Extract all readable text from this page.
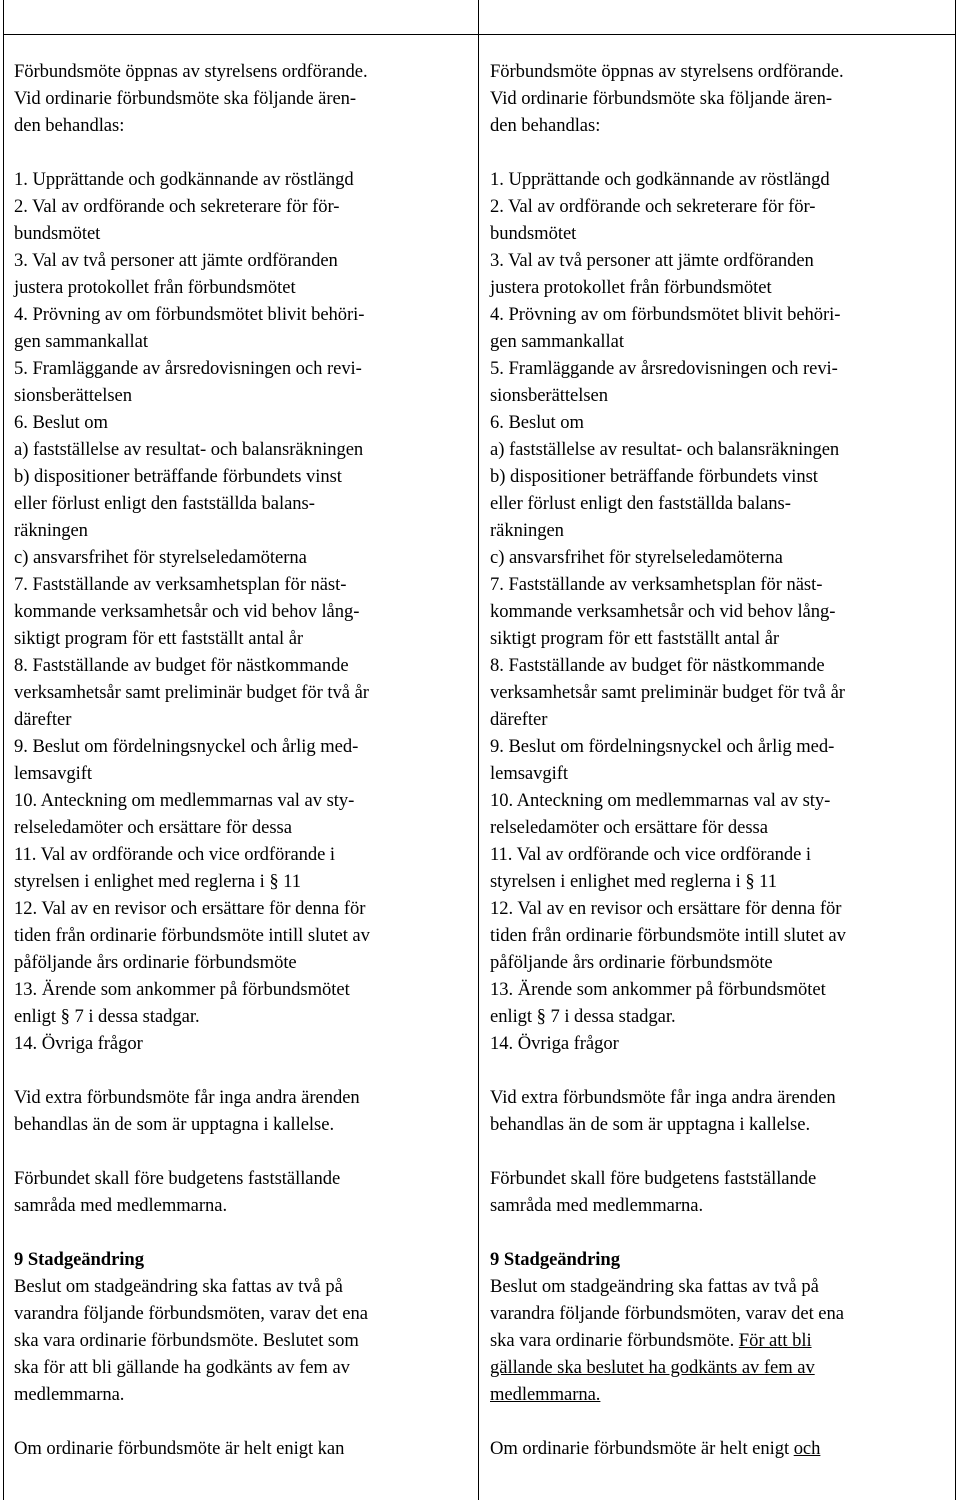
Förbundsmöte öppnas av styrelsens ordförande.
Vid ordinarie förbundsmöte ska följande ären-
den behandlas:
1. Upprättande och godkännande av röstlängd
2. Val av ordförande och sekreterare för för-
bundsmötet
3. Val av två personer att jämte ordföranden
justera protokollet från förbundsmötet
4. Prövning av om förbundsmötet blivit behöri-
gen sammankallat
5. Framläggande av årsredovisningen och revi-
sionsberättelsen
6. Beslut om
a) fastställelse av resultat- och balansräkningen
b) dispositioner beträffande förbundets vinst
eller förlust enligt den fastställda balans-
räkningen
c) ansvarsfrihet för styrelseledamöterna
7. Fastställande av verksamhetsplan för näst-
kommande verksamhetsår och vid behov lång-
siktigt program för ett fastställt antal år
8. Fastställande av budget för nästkommande
verksamhetsår samt preliminär budget för två år
därefter
9. Beslut om fördelningsnyckel och årlig med-
lemsavgift
10. Anteckning om medlemmarnas val av sty-
relseledamöter och ersättare för dessa
11. Val av ordförande och vice ordförande i
styrelsen i enlighet med reglerna i § 11
12. Val av en revisor och ersättare för denna för
tiden från ordinarie förbundsmöte intill slutet av
påföljande års ordinarie förbundsmöte
13. Ärende som ankommer på förbundsmötet
enligt § 7 i dessa stadgar.
14. Övriga frågor
Vid extra förbundsmöte får inga andra ärenden
behandlas än de som är upptagna i kallelse.
Förbundet skall före budgetens fastställande
samråda med medlemmarna.
9 Stadgeändring
Beslut om stadgeändring ska fattas av två på
varandra följande förbundsmöten, varav det ena
ska vara ordinarie förbundsmöte. Beslutet som
ska för att bli gällande ha godkänts av fem av
medlemmarna.
Om ordinarie förbundsmöte är helt enigt kan
Förbundsmöte öppnas av styrelsens ordförande.
Vid ordinarie förbundsmöte ska följande ären-
den behandlas:
1. Upprättande och godkännande av röstlängd
2. Val av ordförande och sekreterare för för-
bundsmötet
3. Val av två personer att jämte ordföranden
justera protokollet från förbundsmötet
4. Prövning av om förbundsmötet blivit behöri-
gen sammankallat
5. Framläggande av årsredovisningen och revi-
sionsberättelsen
6. Beslut om
a) fastställelse av resultat- och balansräkningen
b) dispositioner beträffande förbundets vinst
eller förlust enligt den fastställda balans-
räkningen
c) ansvarsfrihet för styrelseledamöterna
7. Fastställande av verksamhetsplan för näst-
kommande verksamhetsår och vid behov lång-
siktigt program för ett fastställt antal år
8. Fastställande av budget för nästkommande
verksamhetsår samt preliminär budget för två år
därefter
9. Beslut om fördelningsnyckel och årlig med-
lemsavgift
10. Anteckning om medlemmarnas val av sty-
relseledamöter och ersättare för dessa
11. Val av ordförande och vice ordförande i
styrelsen i enlighet med reglerna i § 11
12. Val av en revisor och ersättare för denna för
tiden från ordinarie förbundsmöte intill slutet av
påföljande års ordinarie förbundsmöte
13. Ärende som ankommer på förbundsmötet
enligt § 7 i dessa stadgar.
14. Övriga frågor
Vid extra förbundsmöte får inga andra ärenden
behandlas än de som är upptagna i kallelse.
Förbundet skall före budgetens fastställande
samråda med medlemmarna.
9 Stadgeändring
Beslut om stadgeändring ska fattas av två på
varandra följande förbundsmöten, varav det ena
ska vara ordinarie förbundsmöte. För att bli
gällande ska beslutet ha godkänts av fem av
medlemmarna.
Om ordinarie förbundsmöte är helt enigt och
